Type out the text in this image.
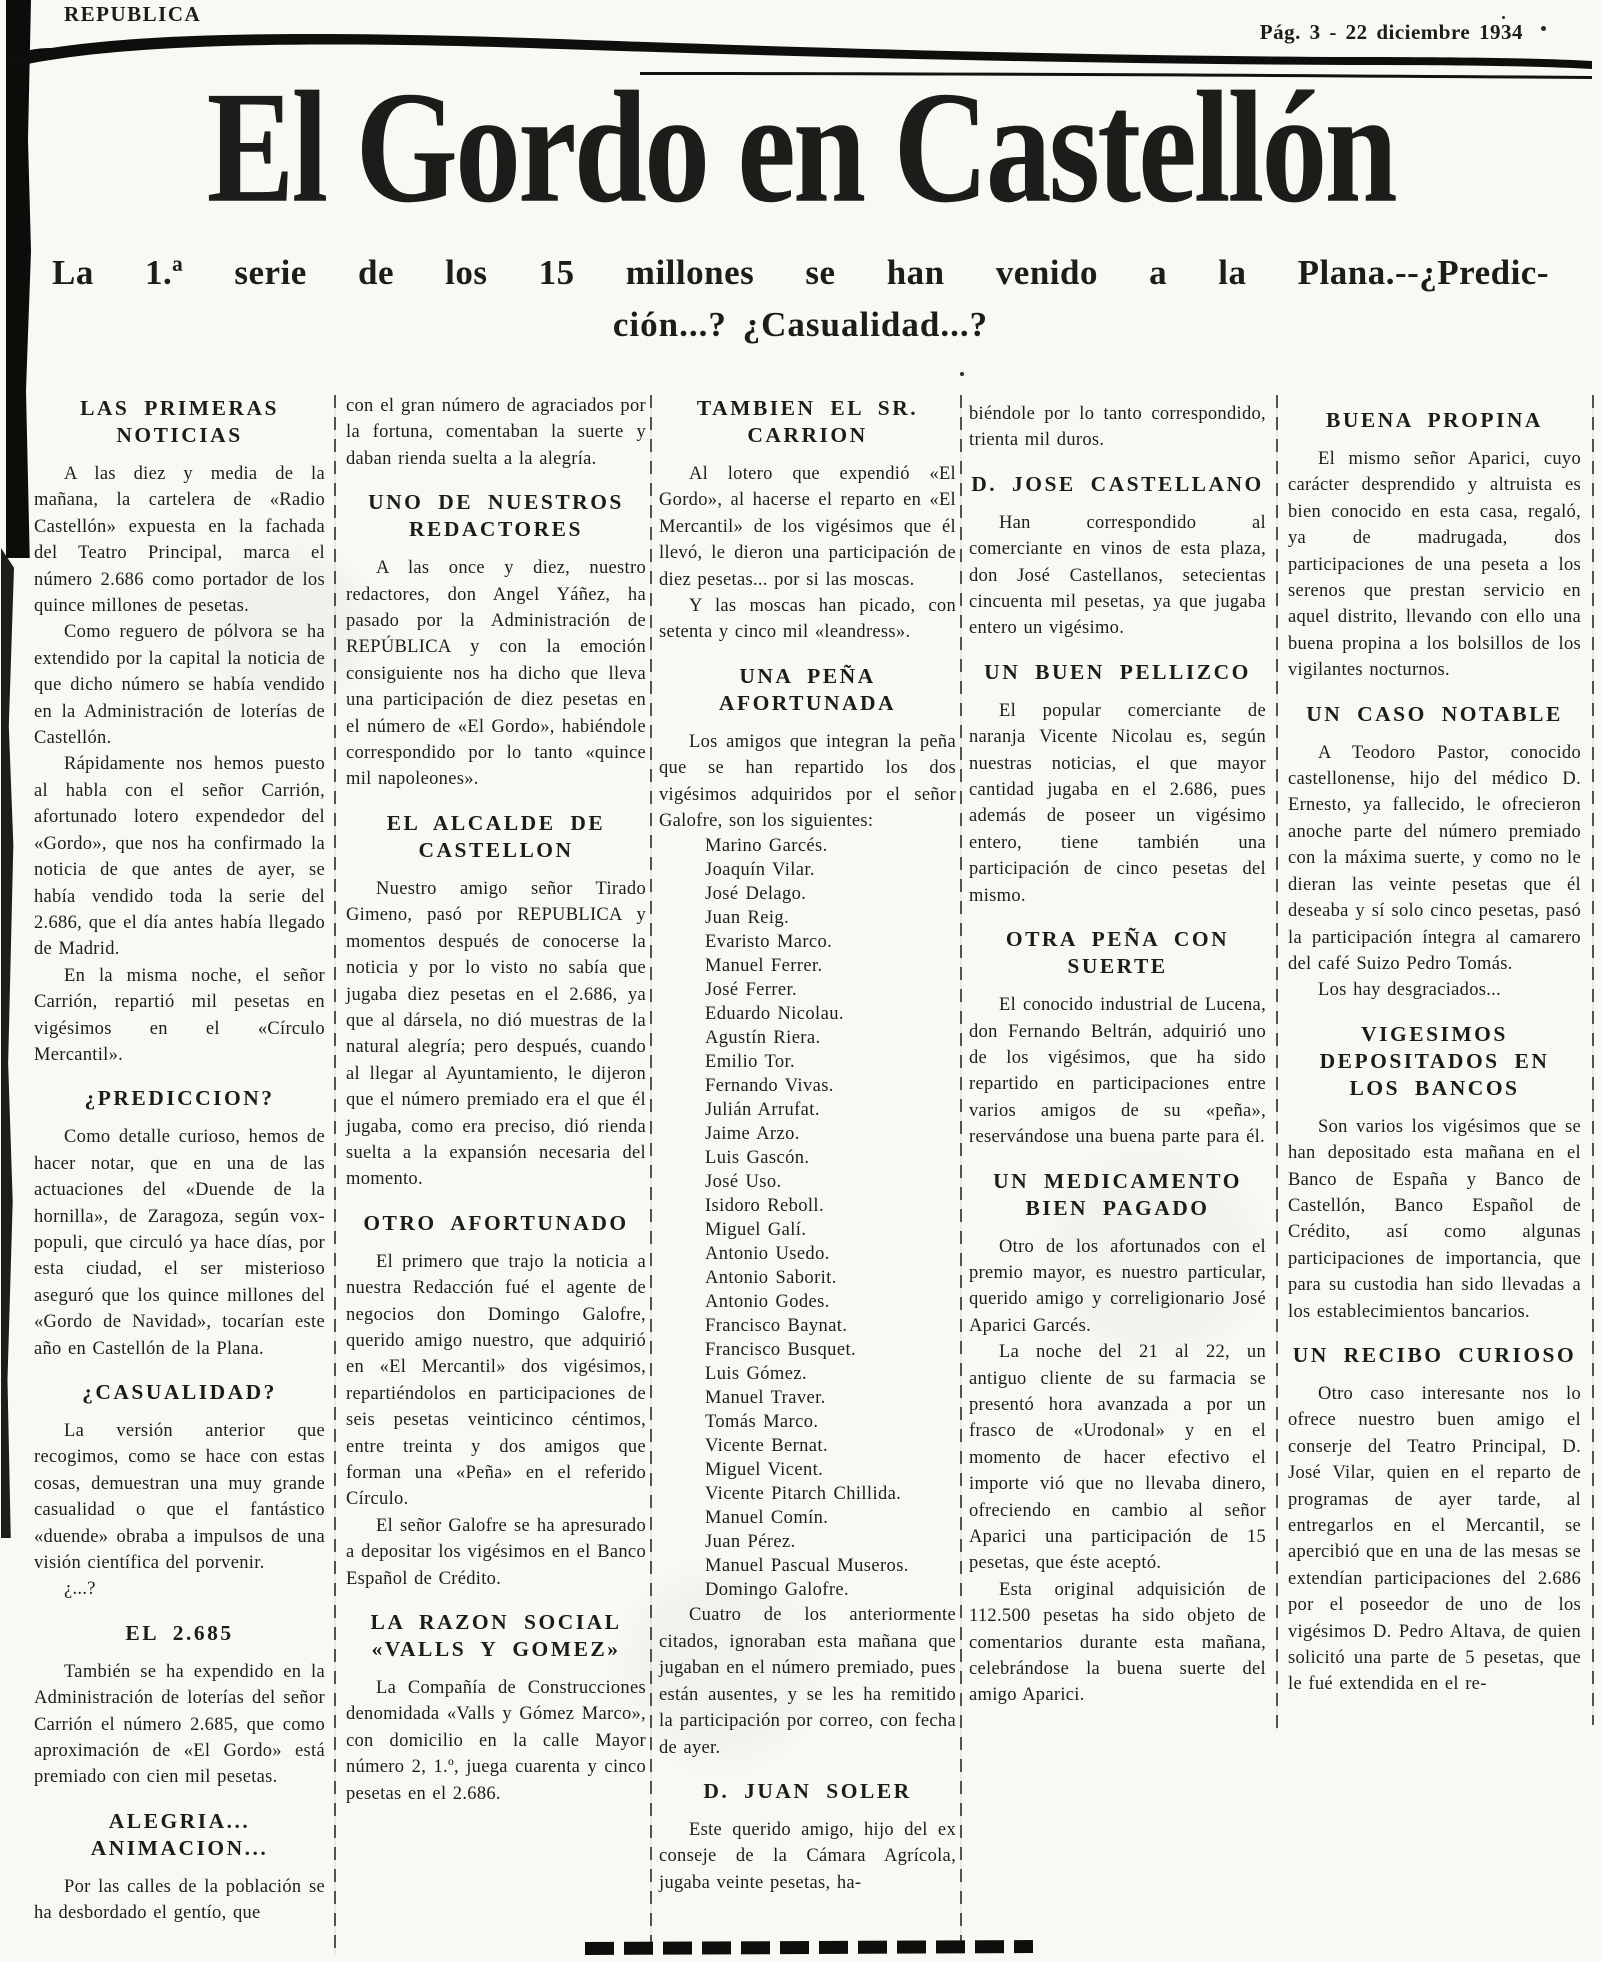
REPUBLICA
Pág. 3 - 22 diciembre 1934
El Gordo en Castellón
La 1.ª serie de los 15 millones se han venido a la Plana.--¿Predic-
ción...? ¿Casualidad...?
LAS PRIMERAS NOTICIAS

A las diez y media de la mañana, la cartelera de «Radio Castellón» expuesta en la fachada del Teatro Principal, marca el número 2.686 como portador de los quince millones de pesetas.

Como reguero de pólvora se ha extendido por la capital la noticia de que dicho número se había vendido en la Administración de loterías de Castellón.

Rápidamente nos hemos puesto al habla con el señor Carrión, afortunado lotero expendedor del «Gordo», que nos ha confirmado la noticia de que antes de ayer, se había vendido toda la serie del 2.686, que el día antes había llegado de Madrid.

En la misma noche, el señor Carrión, repartió mil pesetas en vigésimos en el «Círculo Mercantil».

¿PREDICCION?

Como detalle curioso, hemos de hacer notar, que en una de las actuaciones del «Duende de la hornilla», de Zaragoza, según vox-populi, que circuló ya hace días, por esta ciudad, el ser misterioso aseguró que los quince millones del «Gordo de Navidad», tocarían este año en Castellón de la Plana.

¿CASUALIDAD?

La versión anterior que recogimos, como se hace con estas cosas, demuestran una muy grande casualidad o que el fantástico «duende» obraba a impulsos de una visión científica del porvenir.

¿...?

EL 2.685

También se ha expendido en la Administración de loterías del señor Carrión el número 2.685, que como aproximación de «El Gordo» está premiado con cien mil pesetas.

ALEGRIA... ANIMACION...

Por las calles de la población se ha desbordado el gentío, que

con el gran número de agraciados por la fortuna, comentaban la suerte y daban rienda suelta a la alegría.

UNO DE NUESTROS REDACTORES

A las once y diez, nuestro redactores, don Angel Yáñez, ha pasado por la Administración de REPÚBLICA y con la emoción consiguiente nos ha dicho que lleva una participación de diez pesetas en el número de «El Gordo», habiéndole correspondido por lo tanto «quince mil napoleones».

EL ALCALDE DE CASTELLON

Nuestro amigo señor Tirado Gimeno, pasó por REPUBLICA y momentos después de conocerse la noticia y por lo visto no sabía que jugaba diez pesetas en el 2.686, ya que al dársela, no dió muestras de la natural alegría; pero después, cuando al llegar al Ayuntamiento, le dijeron que el número premiado era el que él jugaba, como era preciso, dió rienda suelta a la expansión necesaria del momento.

OTRO AFORTUNADO

El primero que trajo la noticia a nuestra Redacción fué el agente de negocios don Domingo Galofre, querido amigo nuestro, que adquirió en «El Mercantil» dos vigésimos, repartiéndolos en participaciones de seis pesetas veinticinco céntimos, entre treinta y dos amigos que forman una «Peña» en el referido Círculo.

El señor Galofre se ha apresurado a depositar los vigésimos en el Banco Español de Crédito.

LA RAZON SOCIAL «VALLS Y GOMEZ»

La Compañía de Construcciones denomidada «Valls y Gómez Marco», con domicilio en la calle Mayor número 2, 1.º, juega cuarenta y cinco pesetas en el 2.686.

TAMBIEN EL SR. CARRION

Al lotero que expendió «El Gordo», al hacerse el reparto en «El Mercantil» de los vigésimos que él llevó, le dieron una participación de diez pesetas... por si las moscas.

Y las moscas han picado, con setenta y cinco mil «leandress».

UNA PEÑA AFORTUNADA

Los amigos que integran la peña que se han repartido los dos vigésimos adquiridos por el señor Galofre, son los siguientes:

Marino Garcés.
Joaquín Vilar.
José Delago.
Juan Reig.
Evaristo Marco.
Manuel Ferrer.
José Ferrer.
Eduardo Nicolau.
Agustín Riera.
Emilio Tor.
Fernando Vivas.
Julián Arrufat.
Jaime Arzo.
Luis Gascón.
José Uso.
Isidoro Reboll.
Miguel Galí.
Antonio Usedo.
Antonio Saborit.
Antonio Godes.
Francisco Baynat.
Francisco Busquet.
Luis Gómez.
Manuel Traver.
Tomás Marco.
Vicente Bernat.
Miguel Vicent.
Vicente Pitarch Chillida.
Manuel Comín.
Juan Pérez.
Manuel Pascual Museros.
Domingo Galofre.

Cuatro de los anteriormente citados, ignoraban esta mañana que jugaban en el número premiado, pues están ausentes, y se les ha remitido la participación por correo, con fecha de ayer.

D. JUAN SOLER

Este querido amigo, hijo del ex conseje de la Cámara Agrícola, jugaba veinte pesetas, ha-

biéndole por lo tanto correspondido, trienta mil duros.

D. JOSE CASTELLANO

Han correspondido al comerciante en vinos de esta plaza, don José Castellanos, setecientas cincuenta mil pesetas, ya que jugaba entero un vigésimo.

UN BUEN PELLIZCO

El popular comerciante de naranja Vicente Nicolau es, según nuestras noticias, el que mayor cantidad jugaba en el 2.686, pues además de poseer un vigésimo entero, tiene también una participación de cinco pesetas del mismo.

OTRA PEÑA CON SUERTE

El conocido industrial de Lucena, don Fernando Beltrán, adquirió uno de los vigésimos, que ha sido repartido en participaciones entre varios amigos de su «peña», reservándose una buena parte para él.

UN MEDICAMENTO BIEN PAGADO

Otro de los afortunados con el premio mayor, es nuestro particular, querido amigo y correligionario José Aparici Garcés.

La noche del 21 al 22, un antiguo cliente de su farmacia se presentó hora avanzada a por un frasco de «Urodonal» y en el momento de hacer efectivo el importe vió que no llevaba dinero, ofreciendo en cambio al señor Aparici una participación de 15 pesetas, que éste aceptó.

Esta original adquisición de 112.500 pesetas ha sido objeto de comentarios durante esta mañana, celebrándose la buena suerte del amigo Aparici.

BUENA PROPINA

El mismo señor Aparici, cuyo carácter desprendido y altruista es bien conocido en esta casa, regaló, ya de madrugada, dos participaciones de una peseta a los serenos que prestan servicio en aquel distrito, llevando con ello una buena propina a los bolsillos de los vigilantes nocturnos.

UN CASO NOTABLE

A Teodoro Pastor, conocido castellonense, hijo del médico D. Ernesto, ya fallecido, le ofrecieron anoche parte del número premiado con la máxima suerte, y como no le dieran las veinte pesetas que él deseaba y sí solo cinco pesetas, pasó la participación íntegra al camarero del café Suizo Pedro Tomás.

Los hay desgraciados...

VIGESIMOS DEPOSITADOS EN LOS BANCOS

Son varios los vigésimos que se han depositado esta mañana en el Banco de España y Banco de Castellón, Banco Español de Crédito, así como algunas participaciones de importancia, que para su custodia han sido llevadas a los establecimientos bancarios.

UN RECIBO CURIOSO

Otro caso interesante nos lo ofrece nuestro buen amigo el conserje del Teatro Principal, D. José Vilar, quien en el reparto de programas de ayer tarde, al entregarlos en el Mercantil, se apercibió que en una de las mesas se extendían participaciones del 2.686 por el poseedor de uno de los vigésimos D. Pedro Altava, de quien solicitó una parte de 5 pesetas, que le fué extendida en el re-
